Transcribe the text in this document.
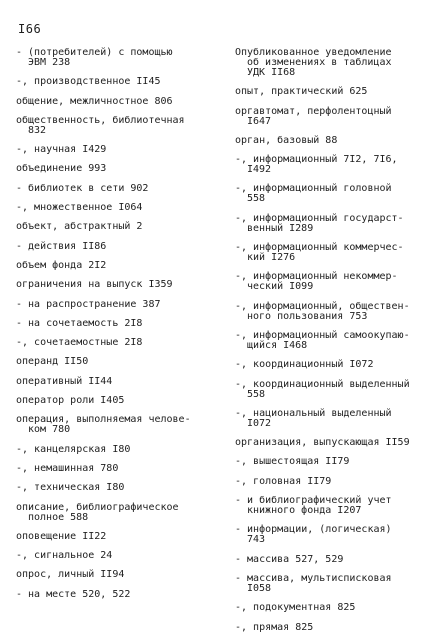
I66
- (потребителей) с помощью
ЭВМ 238
-, производственное II45
общение, межличностное 806
общественность, библиотечная
832
-, научная I429
объединение 993
- библиотек в сети 902
-, множественное I064
объект, абстрактный 2
- действия II86
объем фонда 2I2
ограничения на выпуск I359
- на распространение 387
- на сочетаемость 2I8
-, сочетаемостные 2I8
операнд II50
оперативный II44
оператор роли I405
операция, выполняемая челове-
ком 780
-, канцелярская I80
-, немашинная 780
-, техническая I80
описание, библиографическое
полное 588
оповещение II22
-, сигнальное 24
опрос, личный II94
- на месте 520, 522
Опубликованное уведомление
об изменениях в таблицах
УДК II68
опыт, практический 625
оргавтомат, перфолентоцный
I647
орган, базовый 88
-, информационный 7I2, 7I6,
I492
-, информационный головной
558
-, информационный государст-
венный I289
-, информационный коммерчес-
кий I276
-, информационный некоммер-
ческий I099
-, информационный, обществен-
ного пользования 753
-, информационный самоокупаю-
щийся I468
-, координационный I072
-, координационный выделенный
558
-, национальный выделенный
I072
организация, выпускающая II59
-, вышестоящая II79
-, головная II79
- и библиографический учет
книжного фонда I207
- информации, (логическая)
743
- массива 527, 529
- массива, мультисписковая
I058
-, подокументная 825
-, прямая 825
